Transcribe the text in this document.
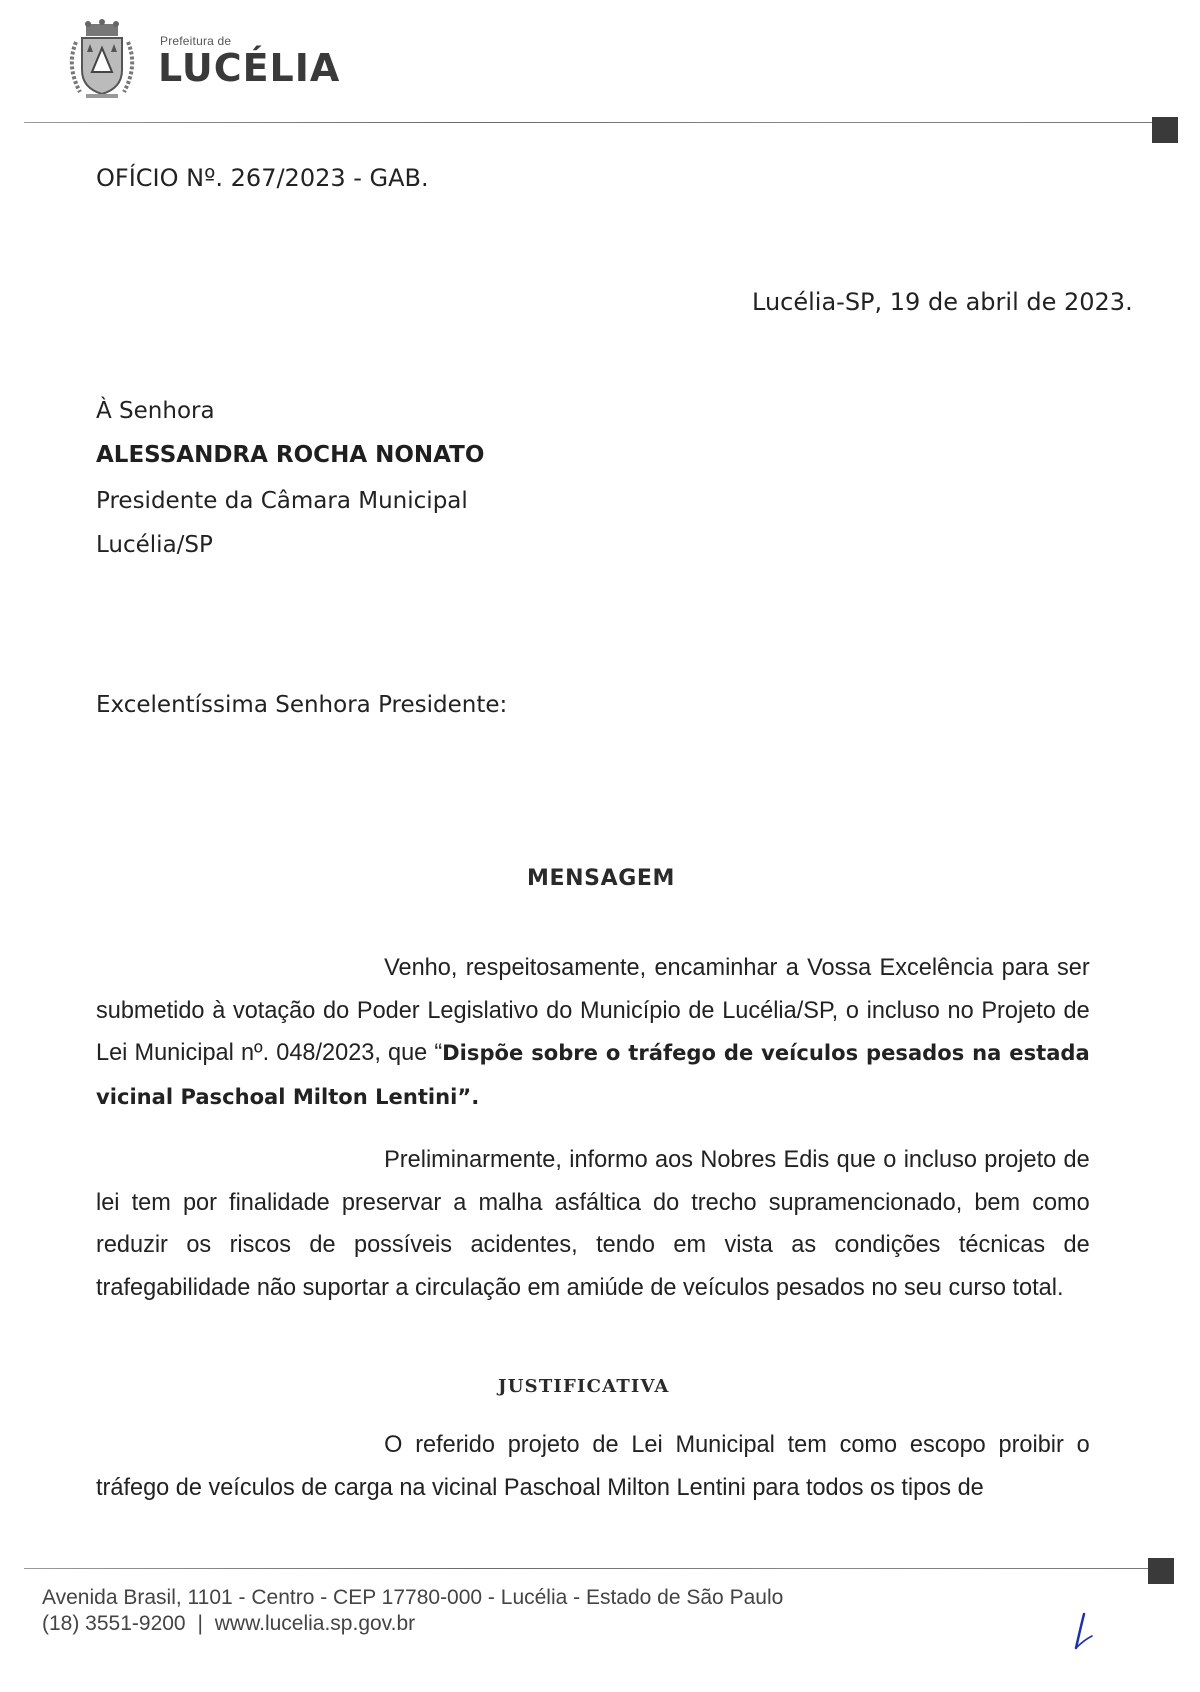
Prefeitura de
LUCÉLIA
OFÍCIO Nº. 267/2023 - GAB.
Lucélia-SP, 19 de abril de 2023.
À Senhora
ALESSANDRA ROCHA NONATO
Presidente da Câmara Municipal
Lucélia/SP
Excelentíssima Senhora Presidente:
MENSAGEM
Venho, respeitosamente, encaminhar a Vossa Excelência para ser submetido à votação do Poder Legislativo do Município de Lucélia/SP, o incluso no Projeto de Lei Municipal nº. 048/2023, que “Dispõe sobre o tráfego de veículos pesados na estada vicinal Paschoal Milton Lentini”.
Preliminarmente, informo aos Nobres Edis que o incluso projeto de lei tem por finalidade preservar a malha asfáltica do trecho supramencionado, bem como reduzir os riscos de possíveis acidentes, tendo em vista as condições técnicas de trafegabilidade não suportar a circulação em amiúde de veículos pesados no seu curso total.
JUSTIFICATIVA
O referido projeto de Lei Municipal tem como escopo proibir o tráfego de veículos de carga na vicinal Paschoal Milton Lentini para todos os tipos de
Avenida Brasil, 1101 - Centro - CEP 17780-000 - Lucélia - Estado de São Paulo
(18) 3551-9200 | www.lucelia.sp.gov.br
